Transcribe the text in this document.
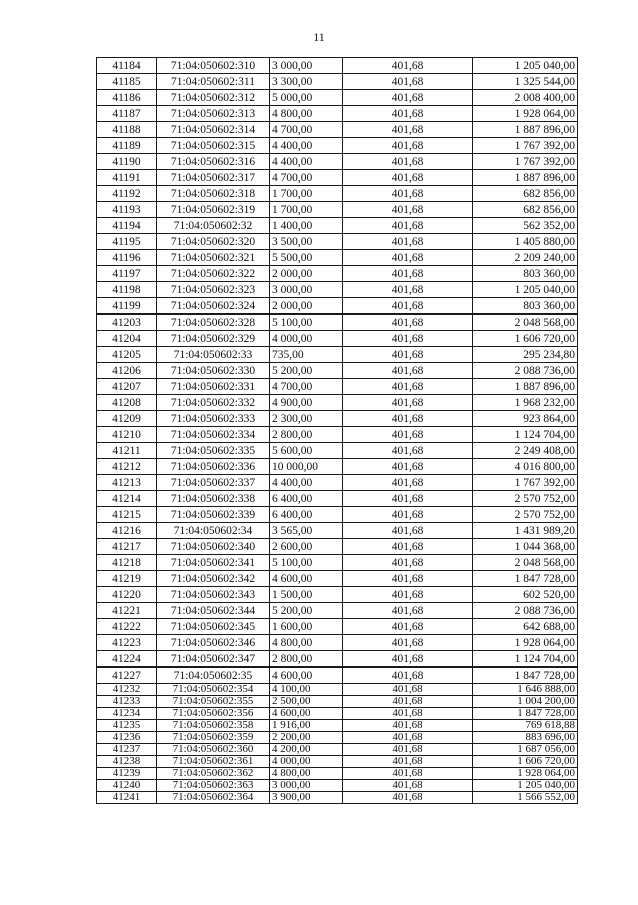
11
41184	71:04:050602:310	3 000,00	401,68	1 205 040,00
41185	71:04:050602:311	3 300,00	401,68	1 325 544,00
41186	71:04:050602:312	5 000,00	401,68	2 008 400,00
41187	71:04:050602:313	4 800,00	401,68	1 928 064,00
41188	71:04:050602:314	4 700,00	401,68	1 887 896,00
41189	71:04:050602:315	4 400,00	401,68	1 767 392,00
41190	71:04:050602:316	4 400,00	401,68	1 767 392,00
41191	71:04:050602:317	4 700,00	401,68	1 887 896,00
41192	71:04:050602:318	1 700,00	401,68	682 856,00
41193	71:04:050602:319	1 700,00	401,68	682 856,00
41194	71:04:050602:32	1 400,00	401,68	562 352,00
41195	71:04:050602:320	3 500,00	401,68	1 405 880,00
41196	71:04:050602:321	5 500,00	401,68	2 209 240,00
41197	71:04:050602:322	2 000,00	401,68	803 360,00
41198	71:04:050602:323	3 000,00	401,68	1 205 040,00
41199	71:04:050602:324	2 000,00	401,68	803 360,00
41203	71:04:050602:328	5 100,00	401,68	2 048 568,00
41204	71:04:050602:329	4 000,00	401,68	1 606 720,00
41205	71:04:050602:33	735,00	401,68	295 234,80
41206	71:04:050602:330	5 200,00	401,68	2 088 736,00
41207	71:04:050602:331	4 700,00	401,68	1 887 896,00
41208	71:04:050602:332	4 900,00	401,68	1 968 232,00
41209	71:04:050602:333	2 300,00	401,68	923 864,00
41210	71:04:050602:334	2 800,00	401,68	1 124 704,00
41211	71:04:050602:335	5 600,00	401,68	2 249 408,00
41212	71:04:050602:336	10 000,00	401,68	4 016 800,00
41213	71:04:050602:337	4 400,00	401,68	1 767 392,00
41214	71:04:050602:338	6 400,00	401,68	2 570 752,00
41215	71:04:050602:339	6 400,00	401,68	2 570 752,00
41216	71:04:050602:34	3 565,00	401,68	1 431 989,20
41217	71:04:050602:340	2 600,00	401,68	1 044 368,00
41218	71:04:050602:341	5 100,00	401,68	2 048 568,00
41219	71:04:050602:342	4 600,00	401,68	1 847 728,00
41220	71:04:050602:343	1 500,00	401,68	602 520,00
41221	71:04:050602:344	5 200,00	401,68	2 088 736,00
41222	71:04:050602:345	1 600,00	401,68	642 688,00
41223	71:04:050602:346	4 800,00	401,68	1 928 064,00
41224	71:04:050602:347	2 800,00	401,68	1 124 704,00
41227	71:04:050602:35	4 600,00	401,68	1 847 728,00
41232	71:04:050602:354	4 100,00	401,68	1 646 888,00
41233	71:04:050602:355	2 500,00	401,68	1 004 200,00
41234	71:04:050602:356	4 600,00	401,68	1 847 728,00
41235	71:04:050602:358	1 916,00	401,68	769 618,88
41236	71:04:050602:359	2 200,00	401,68	883 696,00
41237	71:04:050602:360	4 200,00	401,68	1 687 056,00
41238	71:04:050602:361	4 000,00	401,68	1 606 720,00
41239	71:04:050602:362	4 800,00	401,68	1 928 064,00
41240	71:04:050602:363	3 000,00	401,68	1 205 040,00
41241	71:04:050602:364	3 900,00	401,68	1 566 552,00
